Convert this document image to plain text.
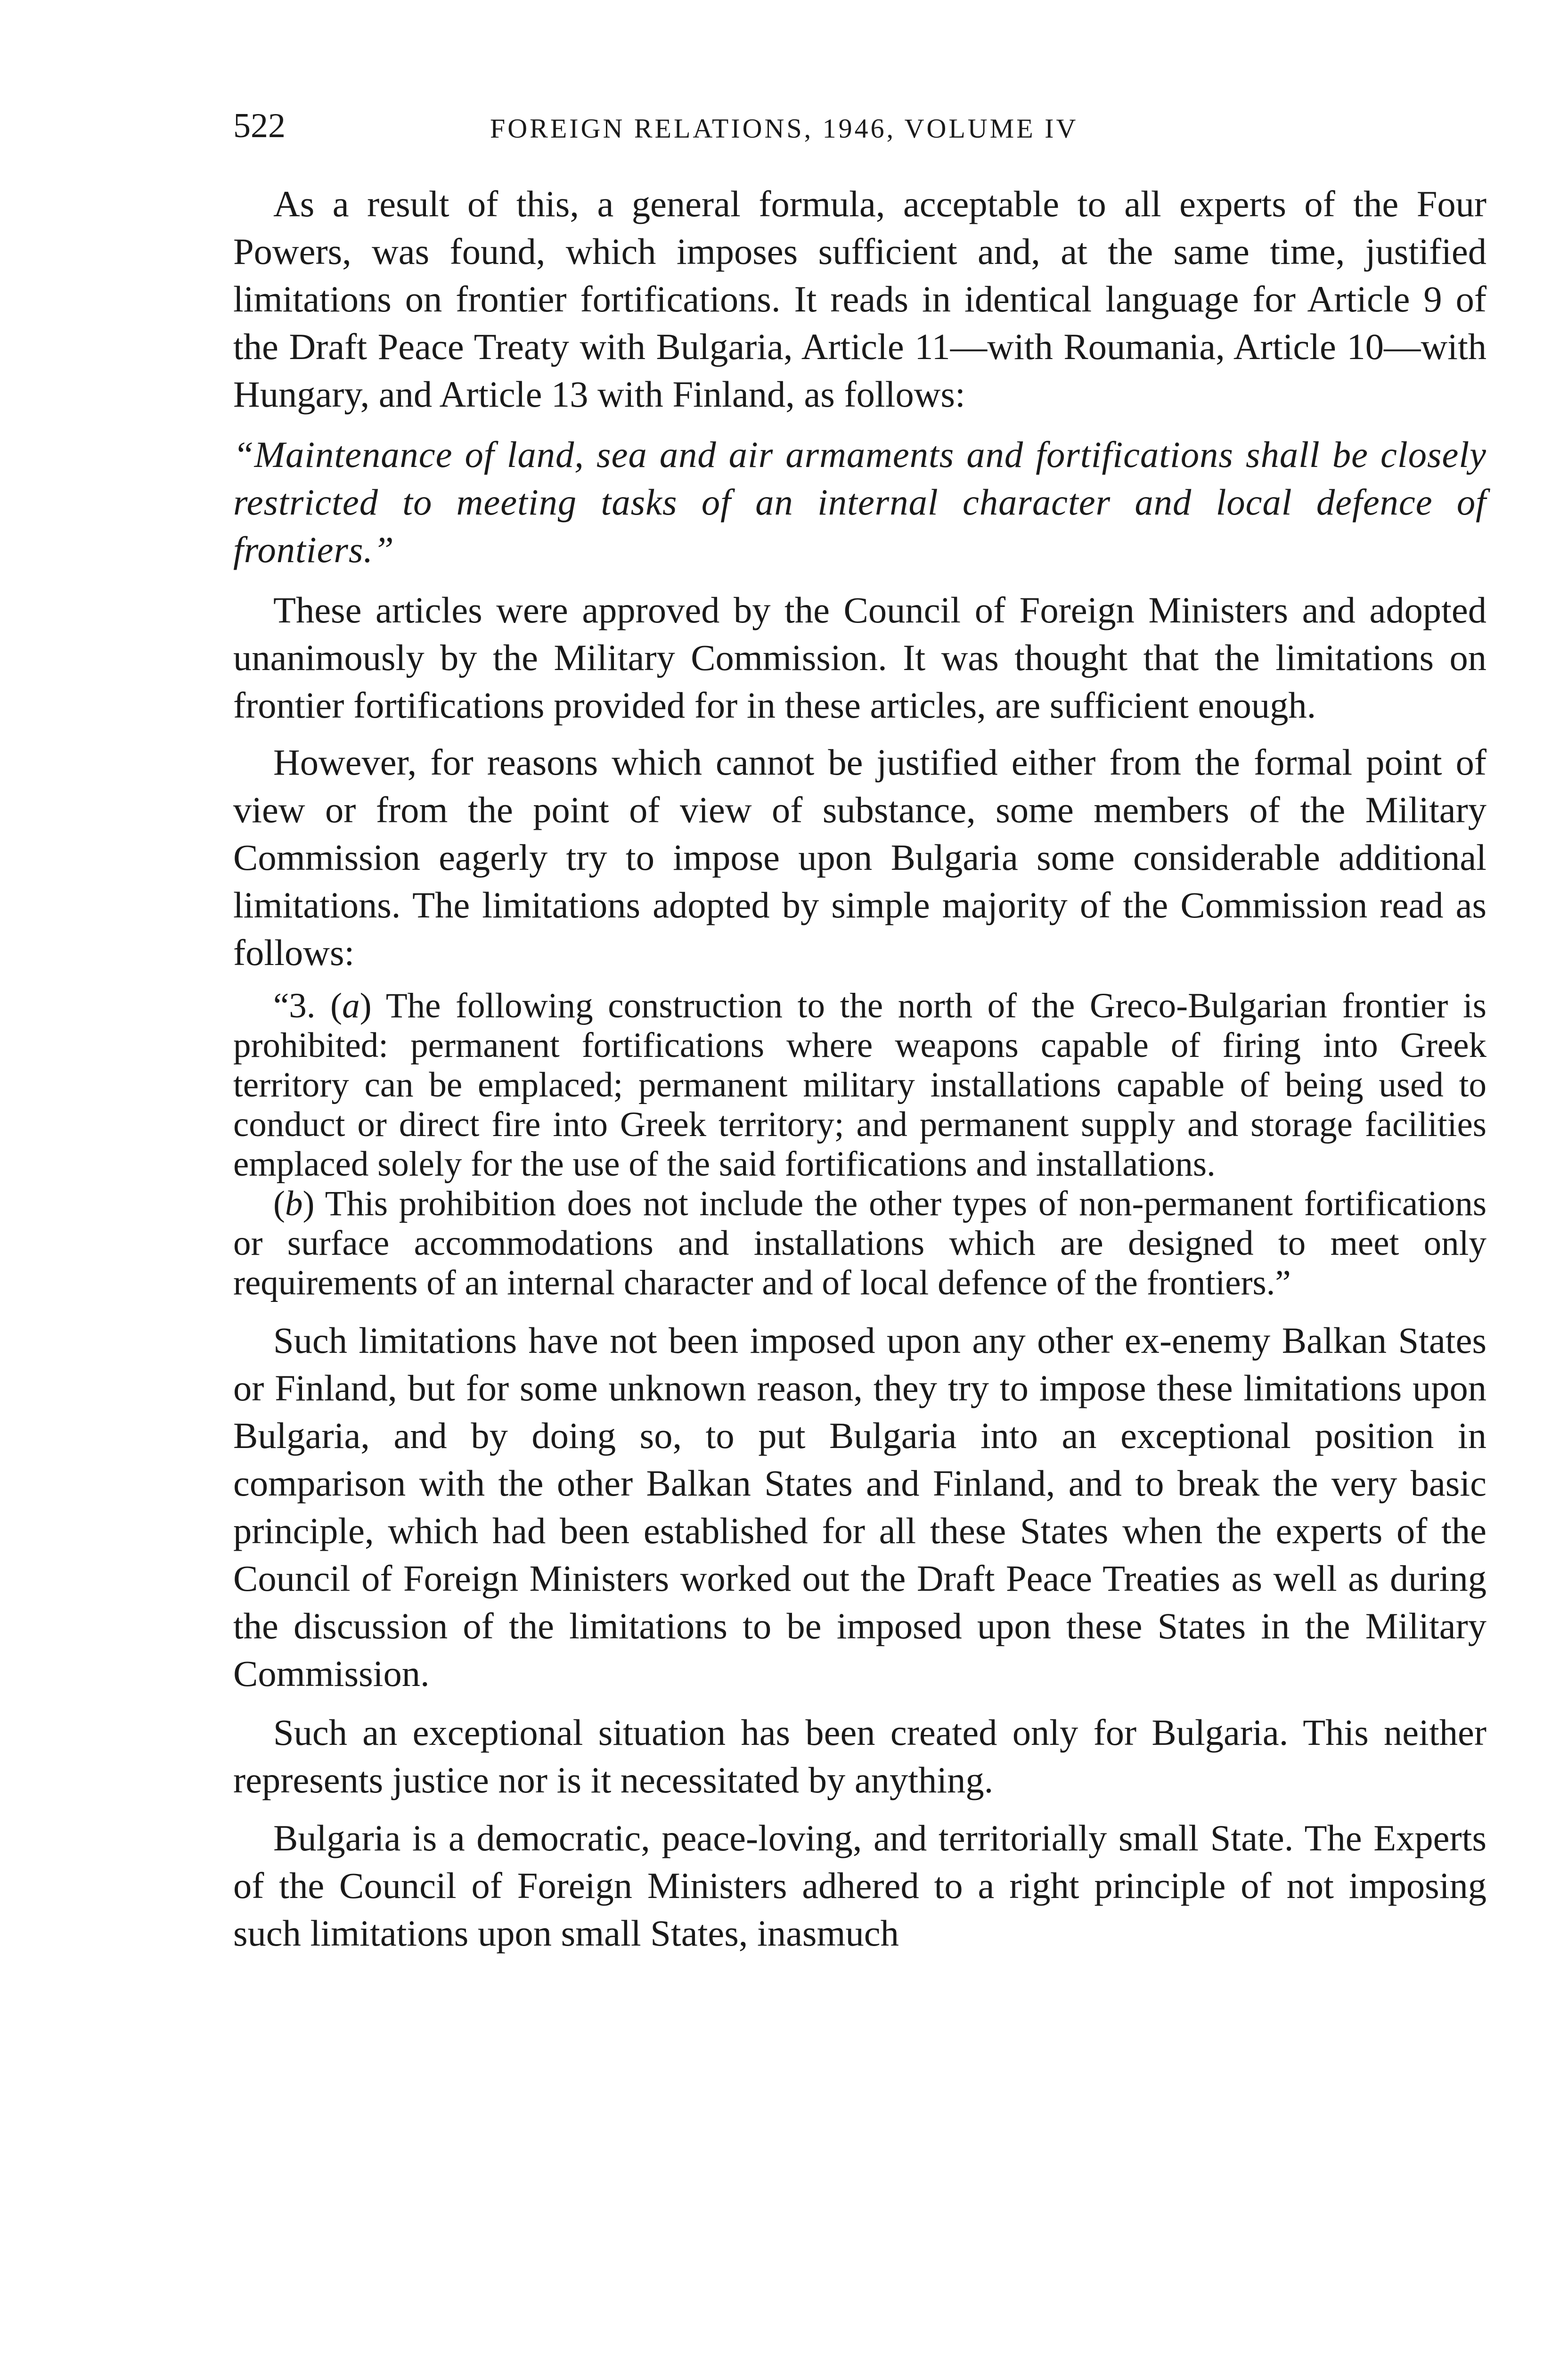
522	FOREIGN RELATIONS, 1946, VOLUME IV

As a result of this, a general formula, acceptable to all experts of the Four Powers, was found, which imposes sufficient and, at the same time, justified limitations on frontier fortifications. It reads in identical language for Article 9 of the Draft Peace Treaty with Bulgaria, Article 11—with Roumania, Article 10—with Hungary, and Article 13 with Finland, as follows:

“Maintenance of land, sea and air armaments and fortifications shall be closely restricted to meeting tasks of an internal character and local defence of frontiers.”

These articles were approved by the Council of Foreign Ministers and adopted unanimously by the Military Commission. It was thought that the limitations on frontier fortifications provided for in these articles, are sufficient enough.

However, for reasons which cannot be justified either from the formal point of view or from the point of view of substance, some members of the Military Commission eagerly try to impose upon Bulgaria some considerable additional limitations. The limitations adopted by simple majority of the Commission read as follows:

“3. (a) The following construction to the north of the Greco-Bulgarian frontier is prohibited: permanent fortifications where weapons capable of firing into Greek territory can be emplaced; permanent military installations capable of being used to conduct or direct fire into Greek territory; and permanent supply and storage facilities emplaced solely for the use of the said fortifications and installations.

(b) This prohibition does not include the other types of non-permanent fortifications or surface accommodations and installations which are designed to meet only requirements of an internal character and of local defence of the frontiers.”

Such limitations have not been imposed upon any other ex-enemy Balkan States or Finland, but for some unknown reason, they try to impose these limitations upon Bulgaria, and by doing so, to put Bulgaria into an exceptional position in comparison with the other Balkan States and Finland, and to break the very basic principle, which had been established for all these States when the experts of the Council of Foreign Ministers worked out the Draft Peace Treaties as well as during the discussion of the limitations to be imposed upon these States in the Military Commission.

Such an exceptional situation has been created only for Bulgaria. This neither represents justice nor is it necessitated by anything.

Bulgaria is a democratic, peace-loving, and territorially small State. The Experts of the Council of Foreign Ministers adhered to a right principle of not imposing such limitations upon small States, inasmuch
